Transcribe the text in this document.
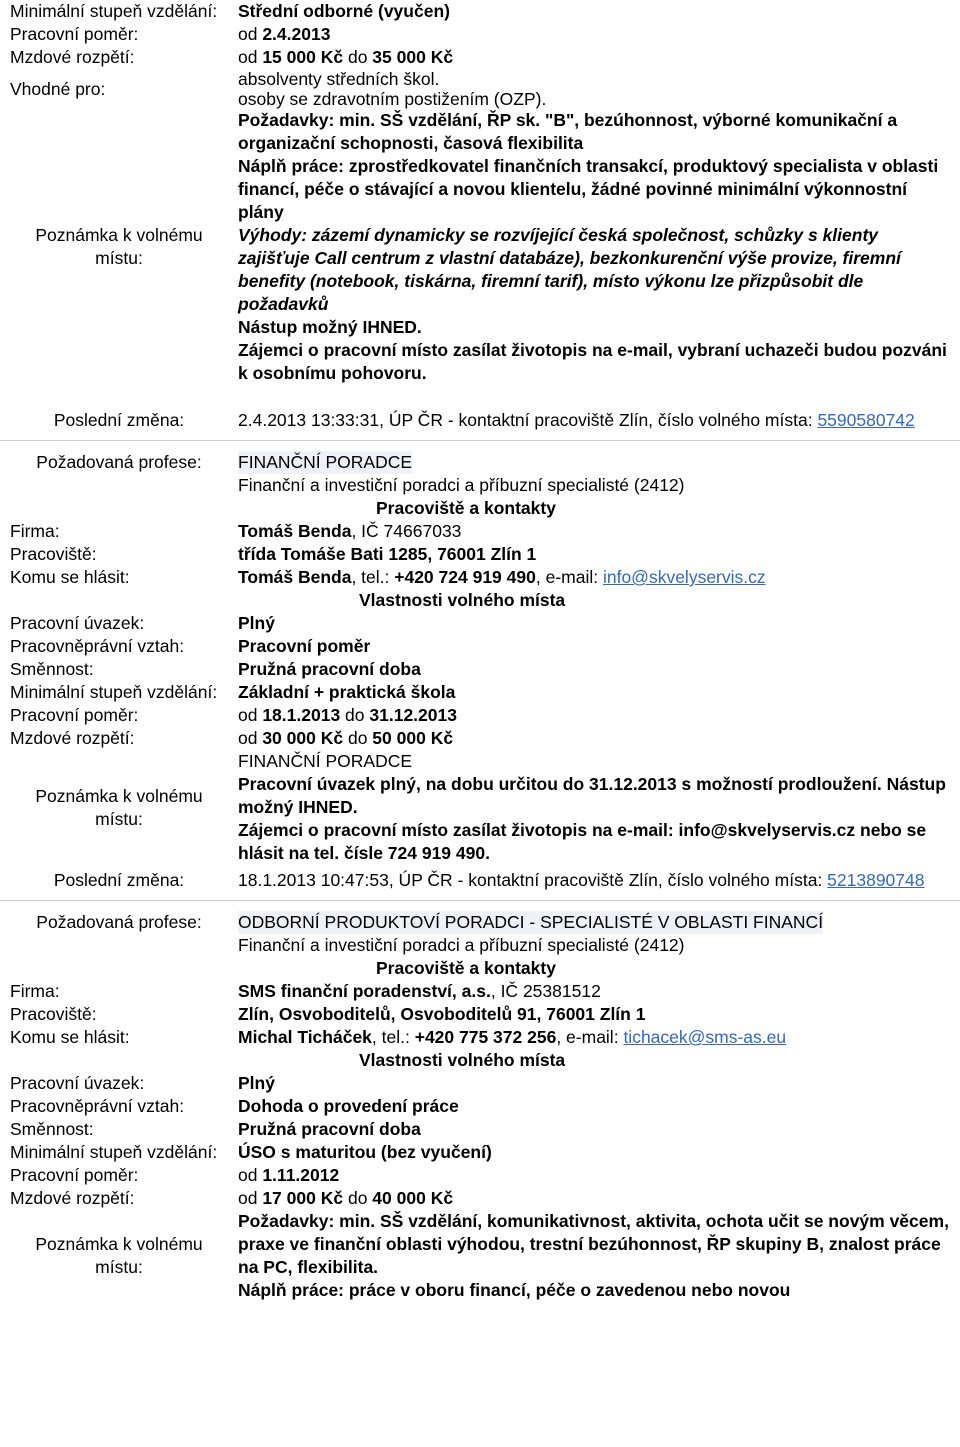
Minimální stupeň vzdělání:	Střední odborné (vyučen)
Pracovní poměr:	od 2.4.2013
Mzdové rozpětí:	od 15 000 Kč do 35 000 Kč
Vhodné pro:	absolventy středních škol.
osoby se zdravotním postižením (OZP).
Poznámka k volnému místu:
Požadavky: min. SŠ vzdělání, ŘP sk. "B", bezúhonnost, výborné komunikační a organizační schopnosti, časová flexibilita
Náplň práce: zprostředkovatel finančních transakcí, produktový specialista v oblasti financí, péče o stávající a novou klientelu, žádné povinné minimální výkonnostní plány
Výhody: zázemí dynamicky se rozvíjející česká společnost, schůzky s klienty zajišťuje Call centrum z vlastní databáze), bezkonkurenční výše provize, firemní benefity (notebook, tiskárna, firemní tarif), místo výkonu lze přizpůsobit dle požadavků
Nástup možný IHNED.
Zájemci o pracovní místo zasílat životopis na e-mail, vybraní uchazeči budou pozváni k osobnímu pohovoru.
Poslední změna:	2.4.2013 13:33:31, ÚP ČR - kontaktní pracoviště Zlín, číslo volného místa: 5590580742
Požadovaná profese:	FINANČNÍ PORADCE
Finanční a investiční poradci a příbuzní specialisté (2412)
Pracoviště a kontakty
Firma:	Tomáš Benda, IČ 74667033
Pracoviště:	třída Tomáše Bati 1285, 76001 Zlín 1
Komu se hlásit:	Tomáš Benda, tel.: +420 724 919 490, e-mail: info@skvelyservis.cz
Vlastnosti volného místa
Pracovní úvazek:	Plný
Pracovněprávní vztah:	Pracovní poměr
Směnnost:	Pružná pracovní doba
Minimální stupeň vzdělání:	Základní + praktická škola
Pracovní poměr:	od 18.1.2013 do 31.12.2013
Mzdové rozpětí:	od 30 000 Kč do 50 000 Kč
Poznámka k volnému místu:
FINANČNÍ PORADCE
Pracovní úvazek plný, na dobu určitou do 31.12.2013 s možností prodloužení. Nástup možný IHNED.
Zájemci o pracovní místo zasílat životopis na e-mail: info@skvelyservis.cz nebo se hlásit na tel. čísle 724 919 490.
Poslední změna:	18.1.2013 10:47:53, ÚP ČR - kontaktní pracoviště Zlín, číslo volného místa: 5213890748
Požadovaná profese:	ODBORNÍ PRODUKTOVÍ PORADCI - SPECIALISTÉ V OBLASTI FINANCÍ
Finanční a investiční poradci a příbuzní specialisté (2412)
Pracoviště a kontakty
Firma:	SMS finanční poradenství, a.s., IČ 25381512
Pracoviště:	Zlín, Osvoboditelů, Osvoboditelů 91, 76001 Zlín 1
Komu se hlásit:	Michal Ticháček, tel.: +420 775 372 256, e-mail: tichacek@sms-as.eu
Vlastnosti volného místa
Pracovní úvazek:	Plný
Pracovněprávní vztah:	Dohoda o provedení práce
Směnnost:	Pružná pracovní doba
Minimální stupeň vzdělání:	ÚSO s maturitou (bez vyučení)
Pracovní poměr:	od 1.11.2012
Mzdové rozpětí:	od 17 000 Kč do 40 000 Kč
Poznámka k volnému místu:
Požadavky: min. SŠ vzdělání, komunikativnost, aktivita, ochota učit se novým věcem, praxe ve finanční oblasti výhodou, trestní bezúhonnost, ŘP skupiny B, znalost práce na PC, flexibilita.
Náplň práce: práce v oboru financí, péče o zavedenou nebo novou
